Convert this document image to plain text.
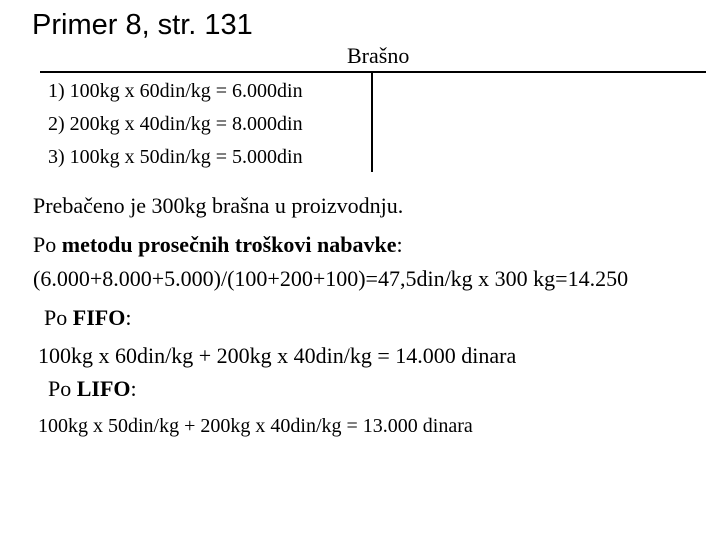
Primer 8, str. 131
Brašno
1) 100kg x 60din/kg = 6.000din
2) 200kg x 40din/kg = 8.000din
3) 100kg x 50din/kg = 5.000din
Prebačeno je 300kg brašna u proizvodnju.
Po metodu prosečnih troškovi nabavke:
(6.000+8.000+5.000)/(100+200+100)=47,5din/kg x 300 kg=14.250
Po FIFO:
100kg x 60din/kg + 200kg x 40din/kg = 14.000 dinara
Po LIFO:
100kg x 50din/kg + 200kg x 40din/kg = 13.000 dinara
